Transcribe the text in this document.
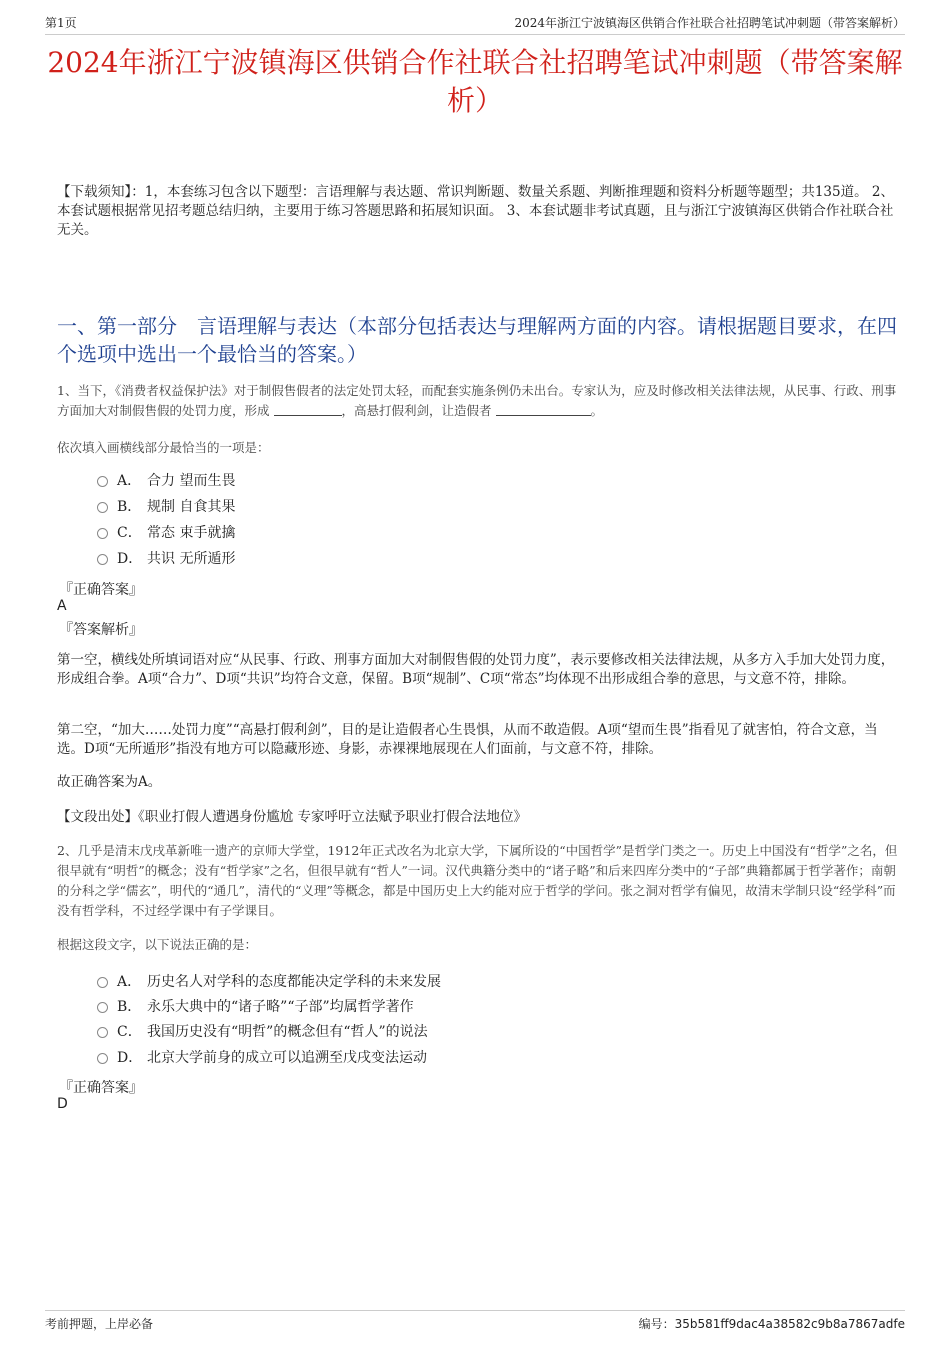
第1页	2024年浙江宁波镇海区供销合作社联合社招聘笔试冲刺题（带答案解析）
2024年浙江宁波镇海区供销合作社联合社招聘笔试冲刺题（带答案解析）
【下载须知】：1，本套练习包含以下题型：言语理解与表达题、常识判断题、数量关系题、判断推理题和资料分析题等题型；共135道。 2、本套试题根据常见招考题总结归纳，主要用于练习答题思路和拓展知识面。 3、本套试题非考试真题，且与浙江宁波镇海区供销合作社联合社无关。
一、第一部分　言语理解与表达（本部分包括表达与理解两方面的内容。请根据题目要求，在四个选项中选出一个最恰当的答案。）
1、当下，《消费者权益保护法》对于制假售假者的法定处罚太轻，而配套实施条例仍未出台。专家认为，应及时修改相关法律法规，从民事、行政、刑事方面加大对制假售假的处罚力度，形成	，高悬打假利剑，让造假者	。
依次填入画横线部分最恰当的一项是：
A． 合力 望而生畏
B． 规制 自食其果
C． 常态 束手就擒
D． 共识 无所遁形
『正确答案』
A
『答案解析』
第一空，横线处所填词语对应“从民事、行政、刑事方面加大对制假售假的处罚力度”，表示要修改相关法律法规，从多方入手加大处罚力度，形成组合拳。A项“合力”、D项“共识”均符合文意，保留。B项“规制”、C项“常态”均体现不出形成组合拳的意思，与文意不符，排除。
第二空，“加大……处罚力度”“高悬打假利剑”，目的是让造假者心生畏惧，从而不敢造假。A项“望而生畏”指看见了就害怕，符合文意，当选。D项“无所遁形”指没有地方可以隐藏形迹、身影，赤裸裸地展现在人们面前，与文意不符，排除。
故正确答案为A。
【文段出处】《职业打假人遭遇身份尴尬 专家呼吁立法赋予职业打假合法地位》
2、几乎是清末戊戌革新唯一遗产的京师大学堂，1912年正式改名为北京大学，下属所设的“中国哲学”是哲学门类之一。历史上中国没有“哲学”之名，但很早就有“明哲”的概念；没有“哲学家”之名，但很早就有“哲人”一词。汉代典籍分类中的“诸子略”和后来四库分类中的“子部”典籍都属于哲学著作；南朝的分科之学“儒玄”，明代的“通几”，清代的“义理”等概念，都是中国历史上大约能对应于哲学的学问。张之洞对哲学有偏见，故清末学制只设“经学科”而没有哲学科，不过经学课中有子学课目。
根据这段文字，以下说法正确的是：
A． 历史名人对学科的态度都能决定学科的未来发展
B． 永乐大典中的“诸子略”“子部”均属哲学著作
C． 我国历史没有“明哲”的概念但有“哲人”的说法
D． 北京大学前身的成立可以追溯至戊戌变法运动
『正确答案』
D
考前押题，上岸必备	编号：35b581ff9dac4a38582c9b8a7867adfe
